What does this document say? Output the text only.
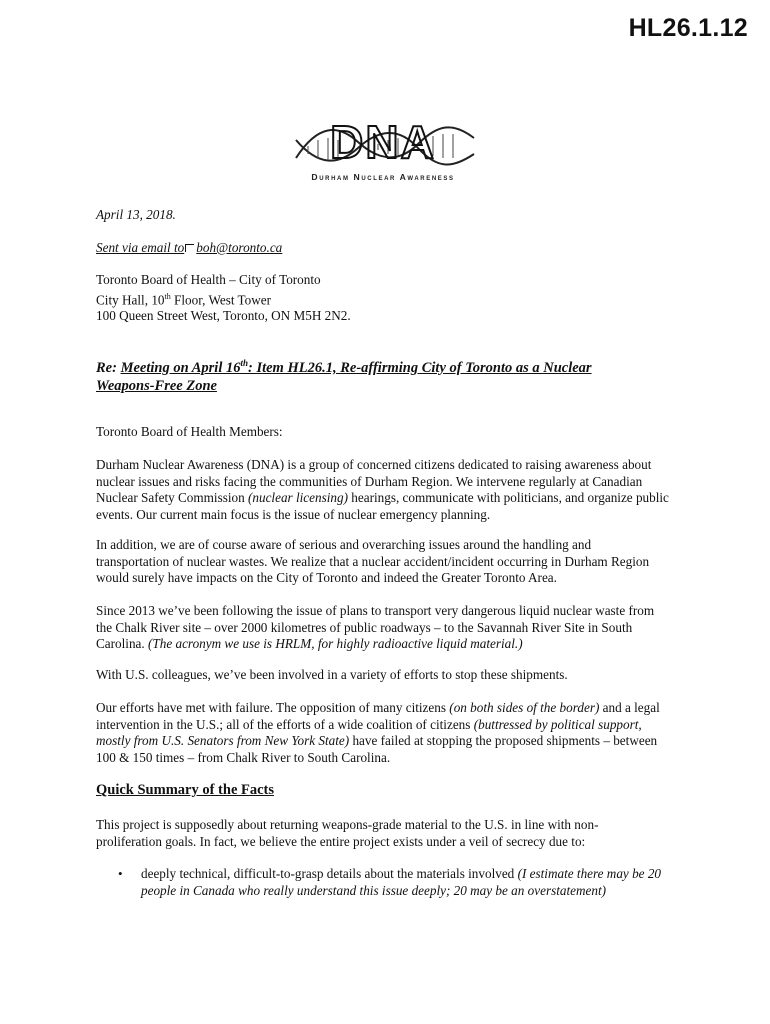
HL26.1.12
DNA
Durham Nuclear Awareness

April 13, 2018.

Sent via email to boh@toronto.ca

Toronto Board of Health – City of Toronto
City Hall, 10th Floor, West Tower
100 Queen Street West, Toronto, ON M5H 2N2.

Re: Meeting on April 16th: Item HL26.1, Re-affirming City of Toronto as a Nuclear
Weapons-Free Zone

Toronto Board of Health Members:

Durham Nuclear Awareness (DNA) is a group of concerned citizens dedicated to raising awareness about nuclear issues and risks facing the communities of Durham Region. We intervene regularly at Canadian Nuclear Safety Commission (nuclear licensing) hearings, communicate with politicians, and organize public events. Our current main focus is the issue of nuclear emergency planning.

In addition, we are of course aware of serious and overarching issues around the handling and transportation of nuclear wastes. We realize that a nuclear accident/incident occurring in Durham Region would surely have impacts on the City of Toronto and indeed the Greater Toronto Area.

Since 2013 we’ve been following the issue of plans to transport very dangerous liquid nuclear waste from the Chalk River site – over 2000 kilometres of public roadways – to the Savannah River Site in South Carolina. (The acronym we use is HRLM, for highly radioactive liquid material.)

With U.S. colleagues, we’ve been involved in a variety of efforts to stop these shipments.

Our efforts have met with failure. The opposition of many citizens (on both sides of the border) and a legal intervention in the U.S.; all of the efforts of a wide coalition of citizens (buttressed by political support, mostly from U.S. Senators from New York State) have failed at stopping the proposed shipments – between 100 & 150 times – from Chalk River to South Carolina.

Quick Summary of the Facts

This project is supposedly about returning weapons-grade material to the U.S. in line with non-proliferation goals. In fact, we believe the entire project exists under a veil of secrecy due to:

• deeply technical, difficult-to-grasp details about the materials involved (I estimate there may be 20 people in Canada who really understand this issue deeply; 20 may be an overstatement)
